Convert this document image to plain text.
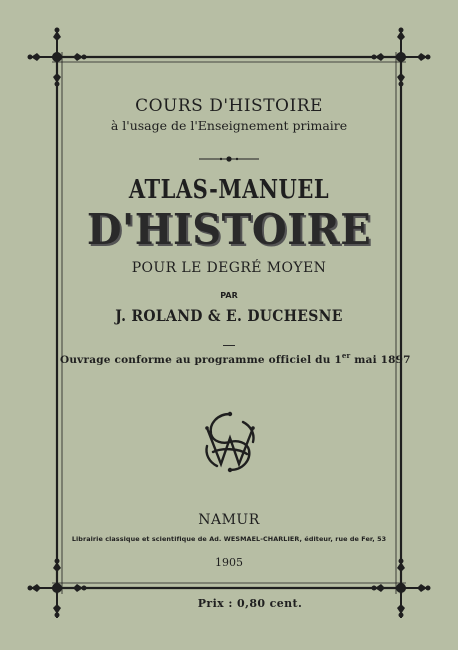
COURS D'HISTOIRE

à l'usage de l'Enseignement primaire

ATLAS-MANUEL

D'HISTOIRE

POUR LE DEGRÉ MOYEN

PAR

J. ROLAND & E. DUCHESNE

Ouvrage conforme au programme officiel du 1er mai 1897

NAMUR

Librairie classique et scientifique de Ad. WESMAEL-CHARLIER, éditeur, rue de Fer, 53

1905

Prix : 0,80 cent.
